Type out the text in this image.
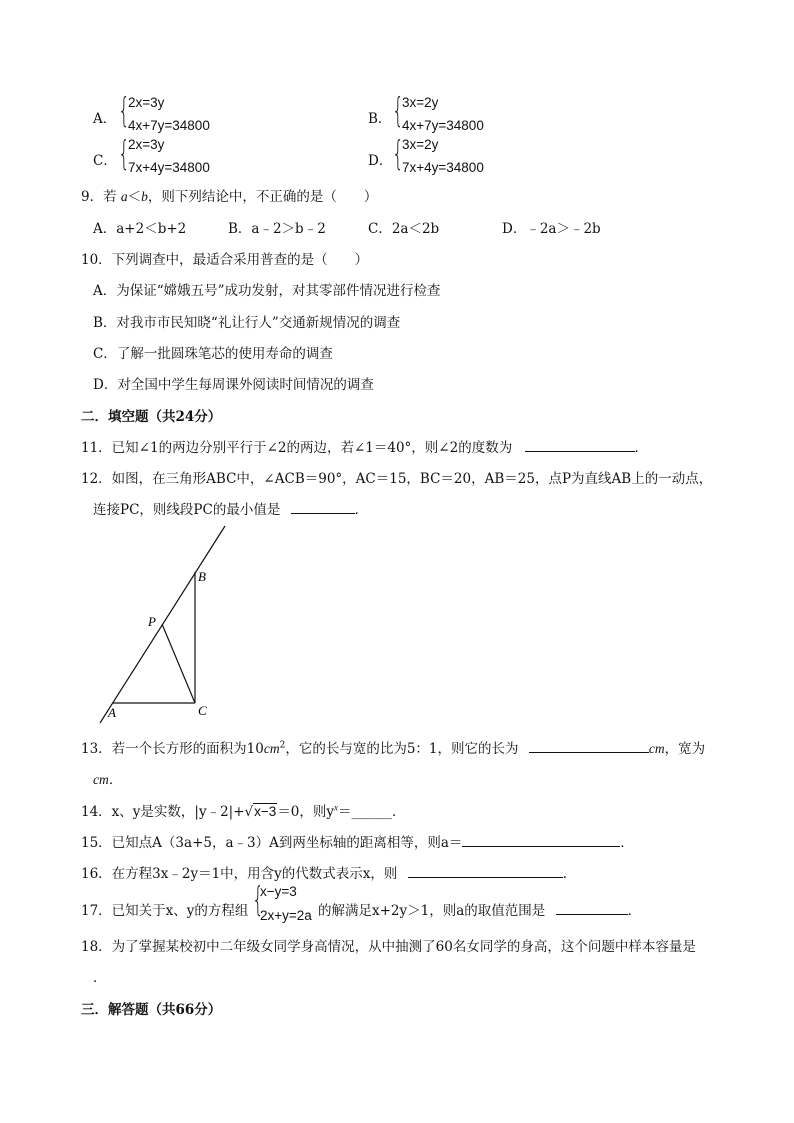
A． {
2x=3y
4x+7y=34800	B． {
3x=2y
4x+7y=34800
C． {
2x=3y
7x+4y=34800	D． {
3x=2y
7x+4y=34800
9．若 a＜b，则下列结论中，不正确的是（　　）
A．a+2＜b+2	B．a﹣2＞b﹣2	C．2a＜2b	D．﹣2a＞﹣2b
10．下列调查中，最适合采用普查的是（　　）
A．为保证“嫦娥五号”成功发射，对其零部件情况进行检查
B．对我市市民知晓“礼让行人”交通新规情况的调查
C．了解一批圆珠笔芯的使用寿命的调查
D．对全国中学生每周课外阅读时间情况的调查
二．填空题（共24分）
11．已知∠1的两边分别平行于∠2的两边，若∠1＝40°，则∠2的度数为	．
12．如图，在三角形ABC中，∠ACB＝90°，AC＝15，BC＝20，AB＝25，点P为直线AB上的一动点，
连接PC，则线段PC的最小值是	．
A
B
C
P
13．若一个长方形的面积为$10cm^2$，它的长与宽的比为5：1，则它的长为	cm，宽为
cm．
14．x、y是实数，|y﹣2|+√x−3＝0，则$y^x=\_\_\_\_\_\_$．
15．已知点A（3a+5，a﹣3）A到两坐标轴的距离相等，则a＝	．
16．在方程3x﹣2y＝1中，用含y的代数式表示x，则	．
17．已知关于x、y的方程组 {
x−y=3
2x+y=2a 的解满足x+2y＞1，则a的取值范围是	．
18．为了掌握某校初中二年级女同学身高情况，从中抽测了60名女同学的身高，这个问题中样本容量是
．
三．解答题（共66分）
